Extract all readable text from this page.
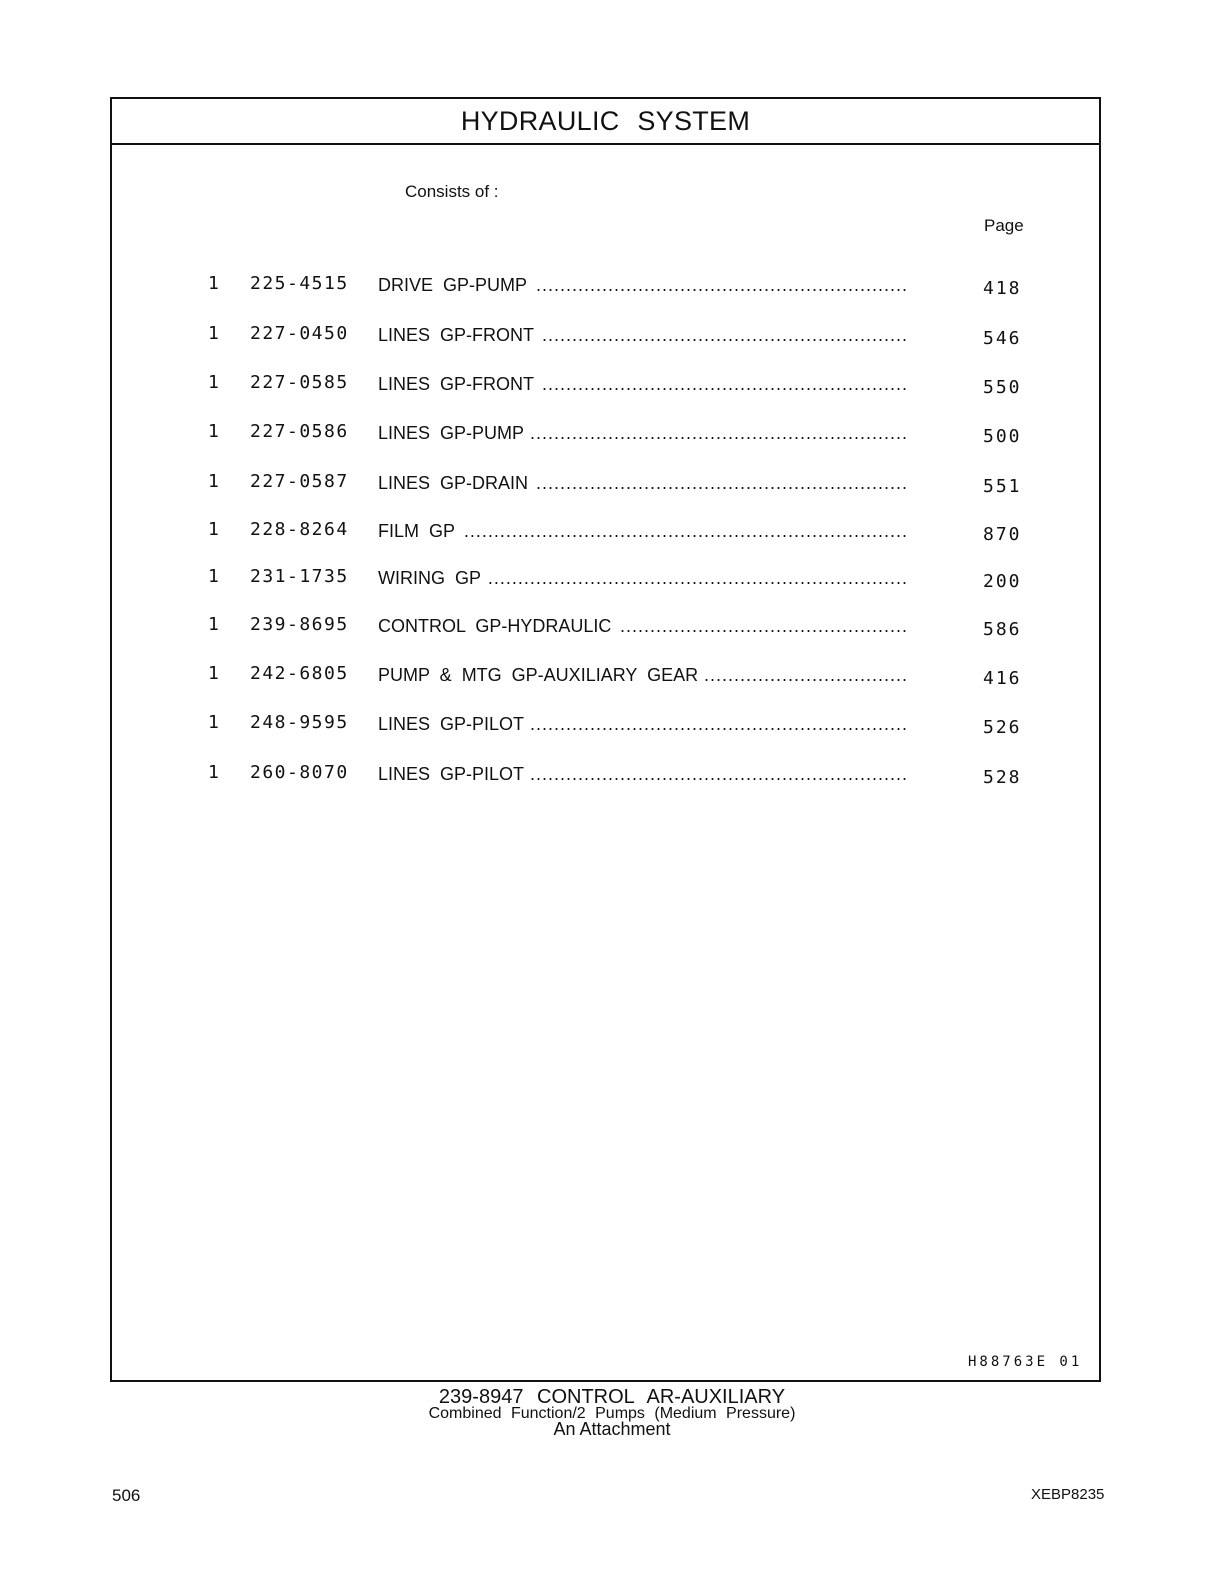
HYDRAULIC SYSTEM
Consists of :
Page
1 225-4515 DRIVE GP-PUMP ..............................................................	418
1 227-0450 LINES GP-FRONT .............................................................	546
1 227-0585 LINES GP-FRONT .............................................................	550
1 227-0586 LINES GP-PUMP ...............................................................	500
1 227-0587 LINES GP-DRAIN ..............................................................	551
1 228-8264 FILM GP ..........................................................................	870
1 231-1735 WIRING GP ......................................................................	200
1 239-8695 CONTROL GP-HYDRAULIC ................................................	586
1 242-6805 PUMP & MTG GP-AUXILIARY GEAR ..................................	416
1 248-9595 LINES GP-PILOT ...............................................................	526
1 260-8070 LINES GP-PILOT ...............................................................	528
H88763E 01
239-8947 CONTROL AR-AUXILIARY
Combined Function/2 Pumps (Medium Pressure)
An Attachment
506	XEBP8235
